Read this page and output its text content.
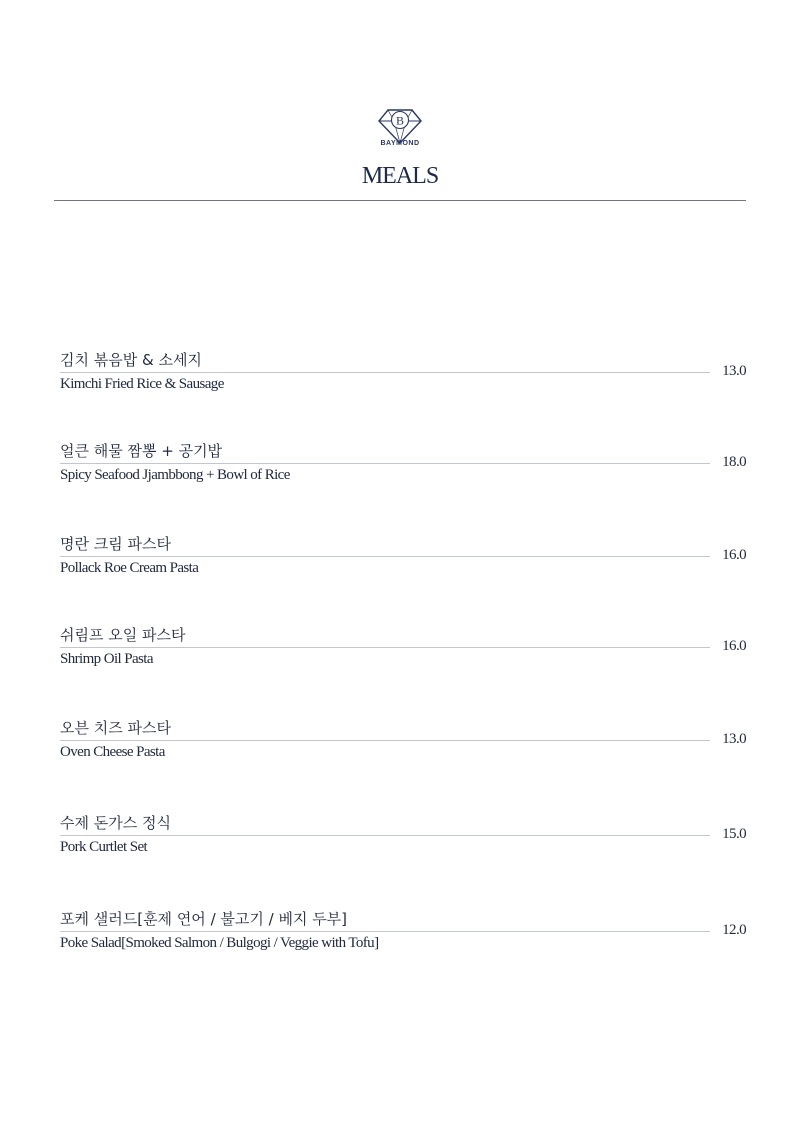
B
BAYMOND
MEALS
김치 볶음밥 & 소세지
13.0
Kimchi Fried Rice & Sausage
얼큰 해물 짬뽕 + 공기밥
18.0
Spicy Seafood Jjambbong + Bowl of Rice
명란 크림 파스타
16.0
Pollack Roe Cream Pasta
쉬림프 오일 파스타
16.0
Shrimp Oil Pasta
오븐 치즈 파스타
13.0
Oven Cheese Pasta
수제 돈가스 정식
15.0
Pork Curtlet Set
포케 샐러드[훈제 연어 / 불고기 / 베지 두부]
12.0
Poke Salad[Smoked Salmon / Bulgogi / Veggie with Tofu]
